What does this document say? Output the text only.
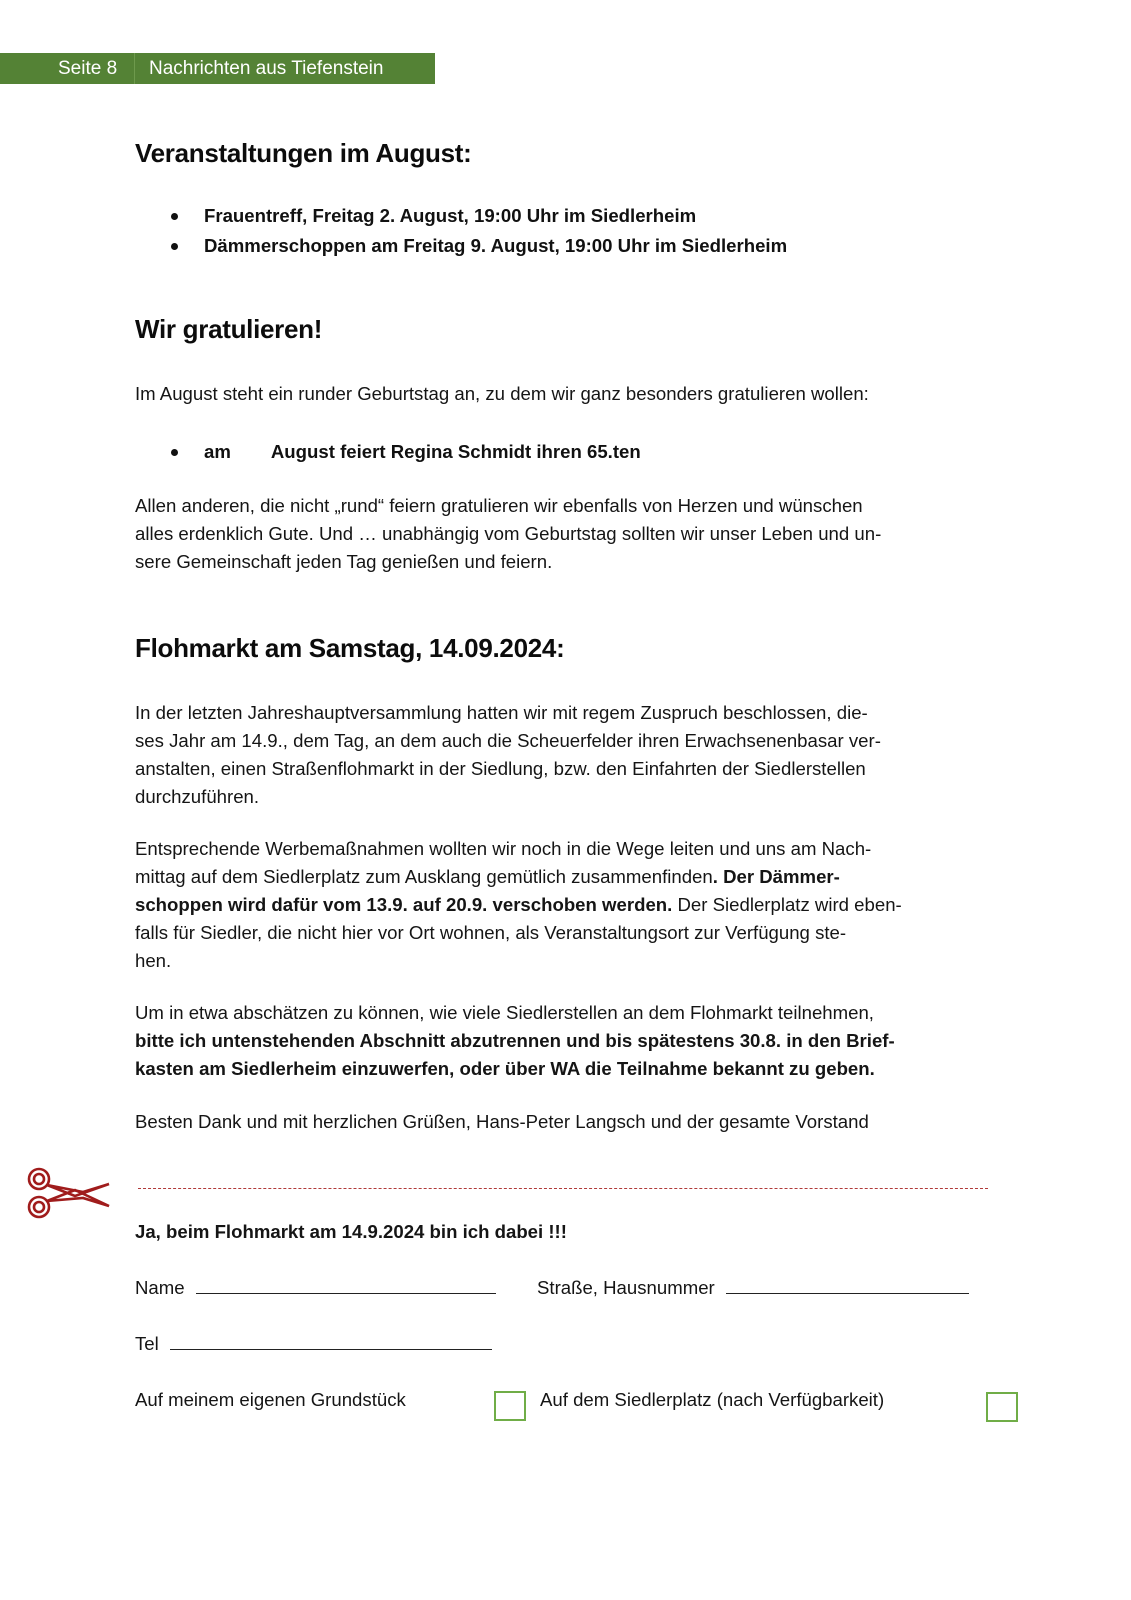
Seite 8	Nachrichten aus Tiefenstein
Veranstaltungen im August:
Frauentreff, Freitag 2. August, 19:00 Uhr im Siedlerheim
Dämmerschoppen am Freitag 9. August, 19:00 Uhr im Siedlerheim
Wir gratulieren!

Im August steht ein runder Geburtstag an, zu dem wir ganz besonders gratulieren wollen:

am August feiert Regina Schmidt ihren 65.ten
Allen anderen, die nicht „rund“ feiern gratulieren wir ebenfalls von Herzen und wünschen
alles erdenklich Gute. Und … unabhängig vom Geburtstag sollten wir unser Leben und un-
sere Gemeinschaft jeden Tag genießen und feiern.
Flohmarkt am Samstag, 14.09.2024:
In der letzten Jahreshauptversammlung hatten wir mit regem Zuspruch beschlossen, die-
ses Jahr am 14.9., dem Tag, an dem auch die Scheuerfelder ihren Erwachsenenbasar ver-
anstalten, einen Straßenflohmarkt in der Siedlung, bzw. den Einfahrten der Siedlerstellen
durchzuführen.
Entsprechende Werbemaßnahmen wollten wir noch in die Wege leiten und uns am Nach-
mittag auf dem Siedlerplatz zum Ausklang gemütlich zusammenfinden. Der Dämmer-
schoppen wird dafür vom 13.9. auf 20.9. verschoben werden. Der Siedlerplatz wird eben-
falls für Siedler, die nicht hier vor Ort wohnen, als Veranstaltungsort zur Verfügung ste-
hen.
Um in etwa abschätzen zu können, wie viele Siedlerstellen an dem Flohmarkt teilnehmen,
bitte ich untenstehenden Abschnitt abzutrennen und bis spätestens 30.8. in den Brief-
kasten am Siedlerheim einzuwerfen, oder über WA die Teilnahme bekannt zu geben.

Besten Dank und mit herzlichen Grüßen, Hans-Peter Langsch und der gesamte Vorstand

Ja, beim Flohmarkt am 14.9.2024 bin ich dabei !!!

Name	Straße, Hausnummer
Tel

Auf meinem eigenen Grundstück	Auf dem Siedlerplatz (nach Verfügbarkeit)
